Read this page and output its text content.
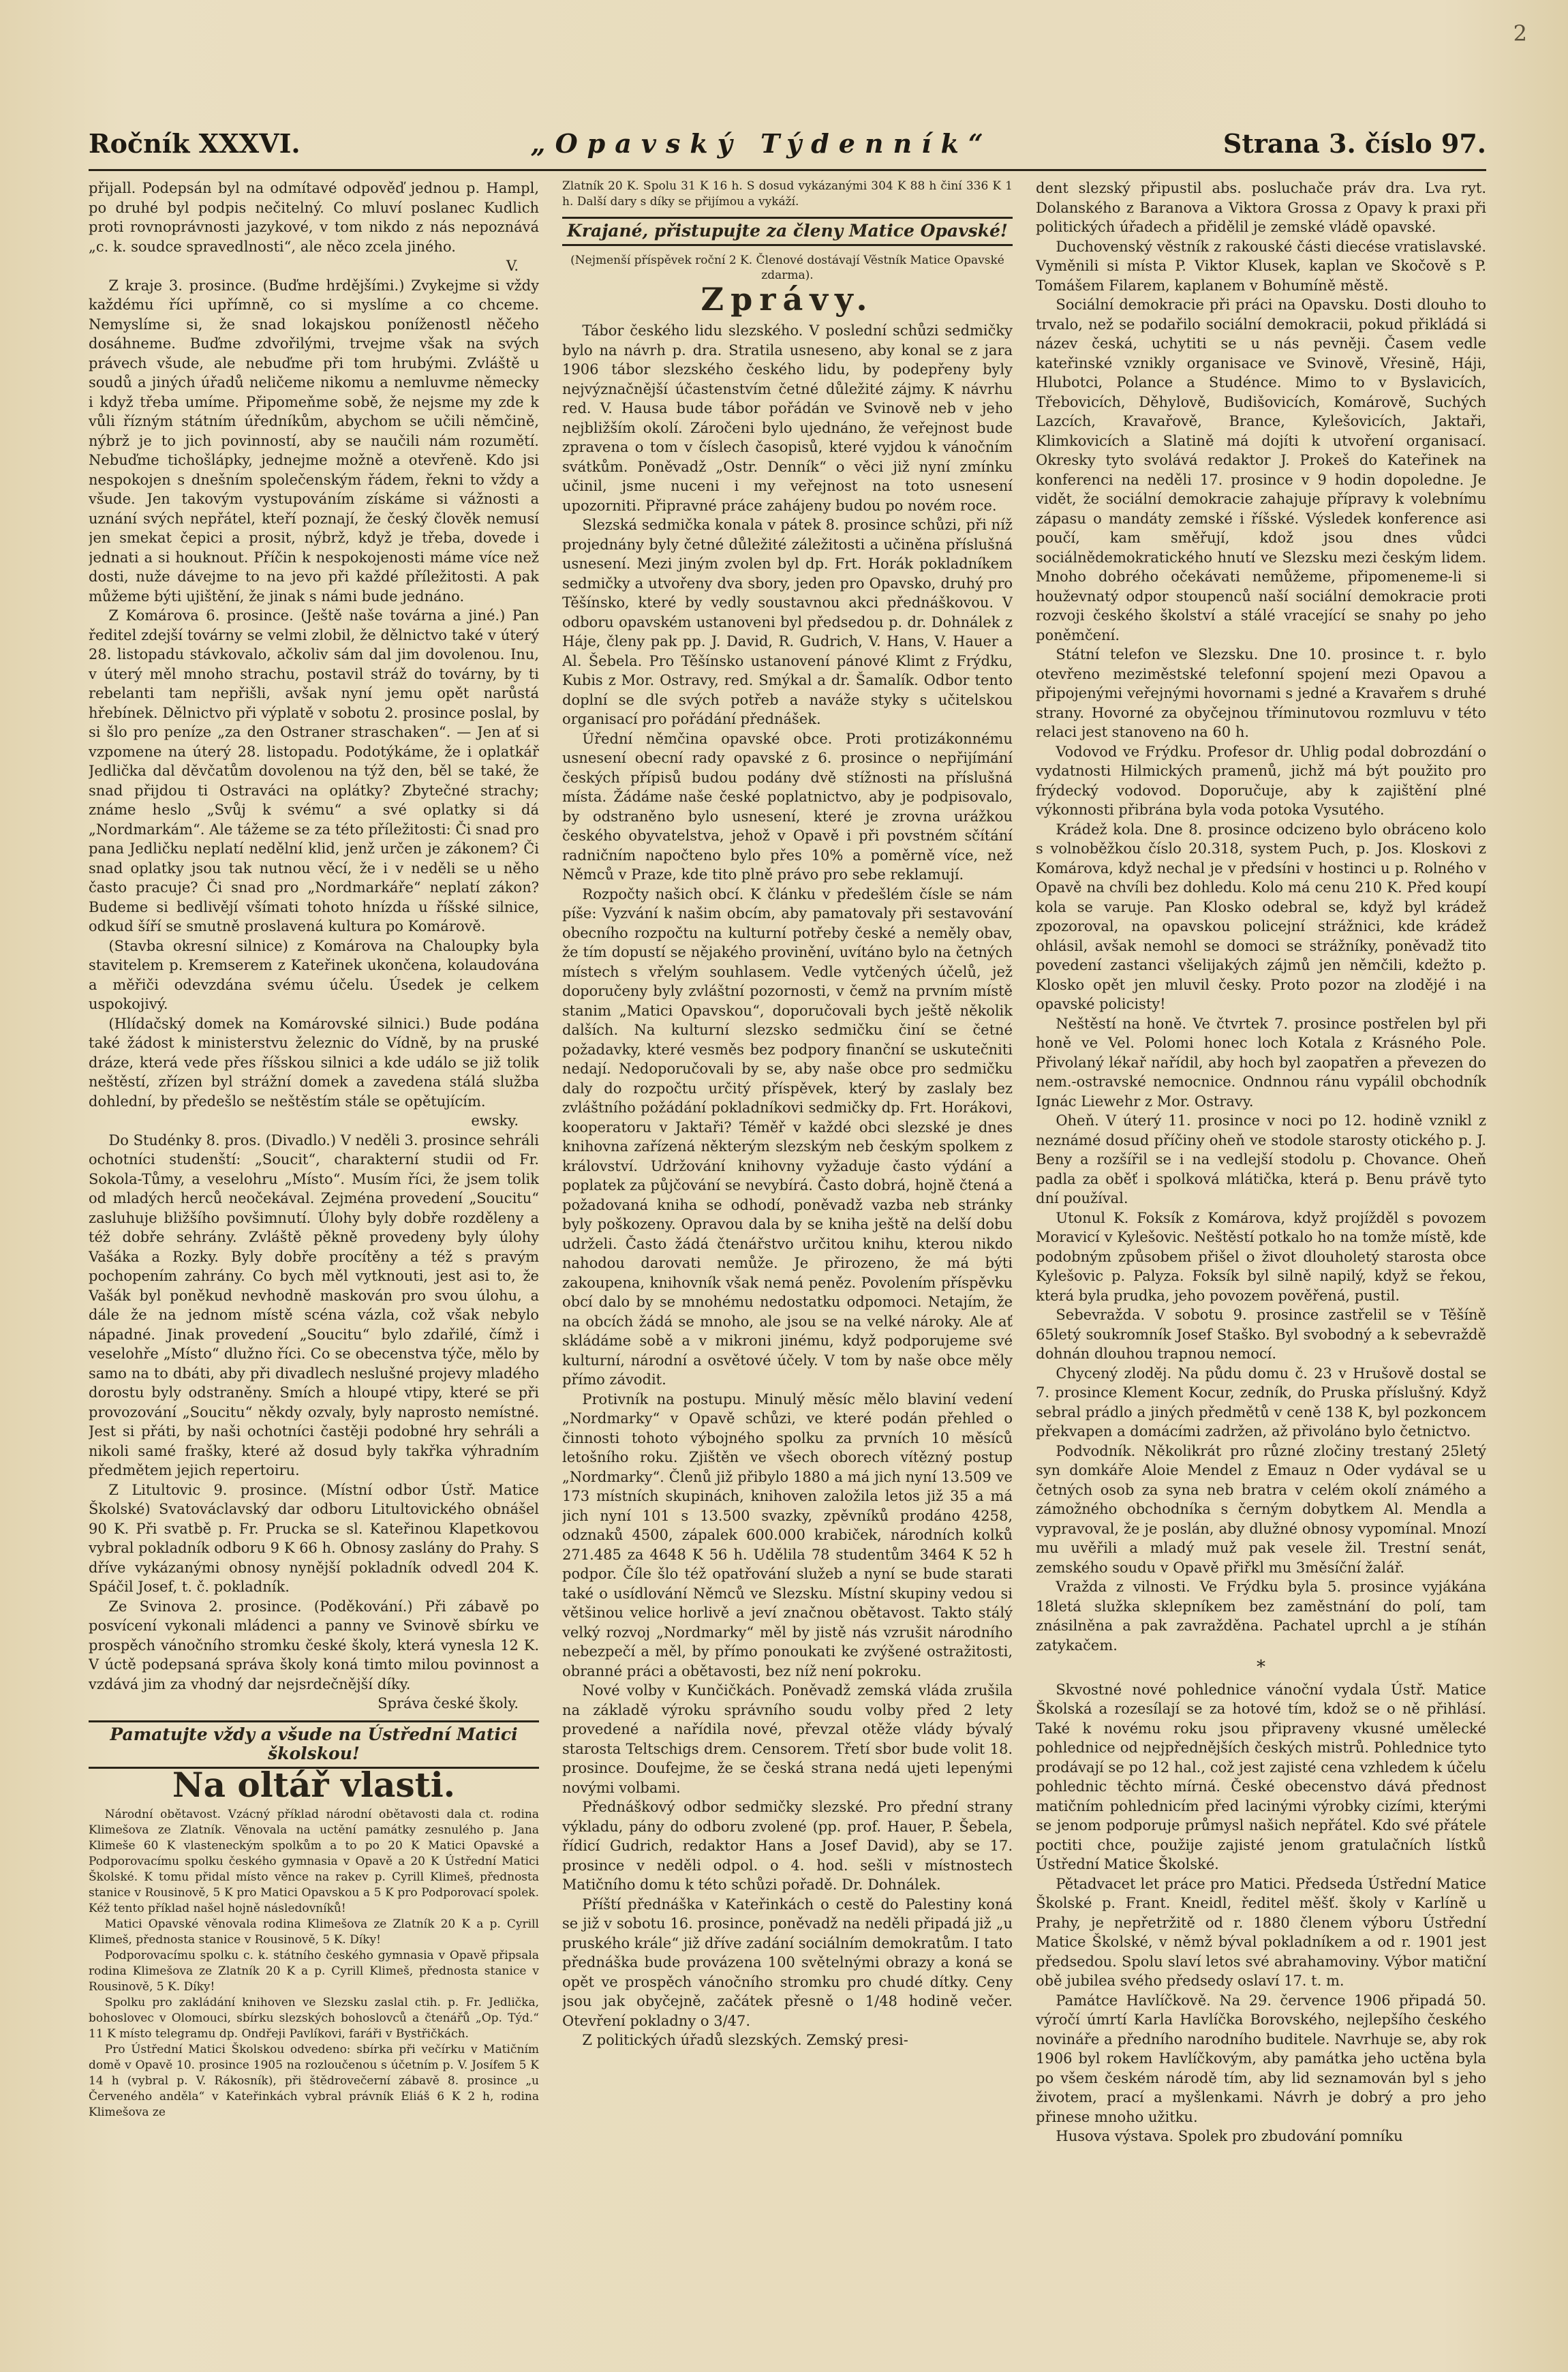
2
Ročník XXXVI.	„Opavský Týdenník“	Strana 3. číslo 97.

přijall. Podepsán byl na odmítavé odpověď jednou p. Hampl, po druhé byl podpis nečitelný. Co mluví poslanec Kudlich proti rovnoprávnosti jazykové, v tom nikdo z nás nepoznává „c. k. soudce spravedlnosti“, ale něco zcela jiného.

V.

Z kraje 3. prosince. (Buďme hrdějšími.) Zvykejme si vždy každému říci upřímně, co si myslíme a co chceme. Nemyslíme si, že snad lokajskou poníženostl něčeho dosáhneme. Buďme zdvořilými, trvejme však na svých právech všude, ale nebuďme při tom hrubými. Zvláště u soudů a jiných úřadů neličeme nikomu a nemluvme německy i když třeba umíme. Připomeňme sobě, že nejsme my zde k vůli řízným státním úředníkům, abychom se učili němčině, nýbrž je to jich povinností, aby se naučili nám rozumětí. Nebuďme tichošlápky, jednejme možně a otevřeně. Kdo jsi nespokojen s dnešním společenským řádem, řekni to vždy a všude. Jen takovým vystupováním získáme si vážnosti a uznání svých nepřátel, kteří poznají, že český člověk nemusí jen smekat čepici a prosit, nýbrž, když je třeba, dovede i jednati a si houknout. Příčin k nespokojenosti máme více než dosti, nuže dávejme to na jevo při každé příležitosti. A pak můžeme býti ujištění, že jinak s námi bude jednáno.

Z Komárova 6. prosince. (Ještě naše továrna a jiné.) Pan ředitel zdejší továrny se velmi zlobil, že dělnictvo také v úterý 28. listopadu stávkovalo, ačkoliv sám dal jim dovolenou. Inu, v úterý měl mnoho strachu, postavil stráž do továrny, by ti rebelanti tam nepřišli, avšak nyní jemu opět narůstá hřebínek. Dělnictvo při výplatě v sobotu 2. prosince poslal, by si šlo pro peníze „za den Ostraner straschaken“. — Jen ať si vzpomene na úterý 28. listopadu. Podotýkáme, že i oplatkář Jedlička dal děvčatům dovolenou na týž den, běl se také, že snad přijdou ti Ostraváci na oplátky? Zbytečné strachy; známe heslo „Svůj k svému“ a své oplatky si dá „Nordmarkám“. Ale tážeme se za této příležitosti: Či snad pro pana Jedličku neplatí nedělní klid, jenž určen je zákonem? Či snad oplatky jsou tak nutnou věcí, že i v neděli se u něho často pracuje? Či snad pro „Nordmarkáře“ neplatí zákon? Budeme si bedlivějí všímati tohoto hnízda u říšské silnice, odkud šíří se smutně proslavená kultura po Komárově.

(Stavba okresní silnice) z Komárova na Chaloupky byla stavitelem p. Kremserem z Kateřinek ukončena, kolaudována a měřiči odevzdána svému účelu. Úsedek je celkem uspokojivý.

(Hlídačský domek na Komárovské silnici.) Bude podána také žádost k ministerstvu železnic do Vídně, by na pruské dráze, která vede přes říšskou silnici a kde událo se již tolik neštěstí, zřízen byl strážní domek a zavedena stálá služba dohlední, by předešlo se neštěstím stále se opětujícím.

ewsky.

Do Studénky 8. pros. (Divadlo.) V neděli 3. prosince sehráli ochotníci studenští: „Soucit“, charakterní studii od Fr. Sokola-Tůmy, a veselohru „Místo“. Musím říci, že jsem tolik od mladých herců neočekával. Zejména provedení „Soucitu“ zasluhuje bližšího povšimnutí. Úlohy byly dobře rozděleny a též dobře sehrány. Zvláště pěkně provedeny byly úlohy Vašáka a Rozky. Byly dobře procítěny a též s pravým pochopením zahrány. Co bych měl vytknouti, jest asi to, že Vašák byl poněkud nevhodně maskován pro svou úlohu, a dále že na jednom místě scéna vázla, což však nebylo nápadné. Jinak provedení „Soucitu“ bylo zdařilé, čímž i veselohře „Místo“ dlužno říci. Co se obecenstva týče, mělo by samo na to dbáti, aby při divadlech neslušné projevy mladého dorostu byly odstraněny. Smích a hloupé vtipy, které se při provozování „Soucitu“ někdy ozvaly, byly naprosto nemístné. Jest si přáti, by naši ochotníci častěji podobné hry sehráli a nikoli samé frašky, které až dosud byly takřka výhradním předmětem jejich repertoiru.

Z Litultovic 9. prosince. (Místní odbor Ústř. Matice Školské) Svatováclavský dar odboru Litultovického obnášel 90 K. Při svatbě p. Fr. Prucka se sl. Kateřinou Klapetkovou vybral pokladník odboru 9 K 66 h. Obnosy zaslány do Prahy. S dříve vykázanými obnosy nynější pokladník odvedl 204 K. Spáčil Josef, t. č. pokladník.

Ze Svinova 2. prosince. (Poděkování.) Při zábavě po posvícení vykonali mládenci a panny ve Svinově sbírku ve prospěch vánočního stromku české školy, která vynesla 12 K. V úctě podepsaná správa školy koná timto milou povinnost a vzdává jim za vhodný dar nejsrdečnější díky.

Správa české školy.
Pamatujte vždy a všude na Ústřední Matici školskou!
Na oltář vlasti.

Národní obětavost. Vzácný příklad národní obětavosti dala ct. rodina Klimešova ze Zlatník. Věnovala na uctění památky zesnulého p. Jana Klimeše 60 K vlasteneckým spolkům a to po 20 K Matici Opavské a Podporovacímu spolku českého gymnasia v Opavě a 20 K Ústřední Matici Školské. K tomu přidal místo věnce na rakev p. Cyrill Klimeš, přednosta stanice v Rousinově, 5 K pro Matici Opavskou a 5 K pro Podporovací spolek. Kéž tento příklad našel hojně následovníků!

Matici Opavské věnovala rodina Klimešova ze Zlatník 20 K a p. Cyrill Klimeš, přednosta stanice v Rousinově, 5 K. Díky!

Podporovacímu spolku c. k. státního českého gymnasia v Opavě připsala rodina Klimešova ze Zlatník 20 K a p. Cyrill Klimeš, přednosta stanice v Rousinově, 5 K. Díky!

Spolku pro zakládání knihoven ve Slezsku zaslal ctih. p. Fr. Jedlička, bohoslovec v Olomouci, sbírku slezských bohoslovců a čtenářů „Op. Týd.“ 11 K místo telegramu dp. Ondřeji Pavlíkovi, faráři v Bystřičkách.

Pro Ústřední Matici Školskou odvedeno: sbírka při večírku v Matičním domě v Opavě 10. prosince 1905 na rozloučenou s účetním p. V. Josífem 5 K 14 h (vybral p. V. Rákosník), při štědrovečerní zábavě 8. prosince „u Červeného anděla“ v Kateřinkách vybral právník Eliáš 6 K 2 h, rodina Klimešova ze

Zlatník 20 K. Spolu 31 K 16 h. S dosud vykázanými 304 K 88 h činí 336 K 1 h. Další dary s díky se přijímou a vykáží.

Krajané, přistupujte za členy Matice Opavské!
(Nejmenší příspěvek roční 2 K. Členové dostávají Věstník Matice Opavské zdarma).
Zprávy.

Tábor českého lidu slezského. V poslední schůzi sedmičky bylo na návrh p. dra. Stratila usneseno, aby konal se z jara 1906 tábor slezského českého lidu, by podepřeny byly nejvýznačnější účastenstvím četné důležité zájmy. K návrhu red. V. Hausa bude tábor pořádán ve Svinově neb v jeho nejbližším okolí. Záročeni bylo ujednáno, že veřejnost bude zpravena o tom v číslech časopisů, které vyjdou k vánočním svátkům. Poněvadž „Ostr. Denník“ o věci již nyní zmínku učinil, jsme nuceni i my veřejnost na toto usnesení upozorniti. Připravné práce zahájeny budou po novém roce.

Slezská sedmička konala v pátek 8. prosince schůzi, při níž projednány byly četné důležité záležitosti a učiněna příslušná usnesení. Mezi jiným zvolen byl dp. Frt. Horák pokladníkem sedmičky a utvořeny dva sbory, jeden pro Opavsko, druhý pro Těšínsko, které by vedly soustavnou akci přednáškovou. V odboru opavském ustanoveni byl předsedou p. dr. Dohnálek z Háje, členy pak pp. J. David, R. Gudrich, V. Hans, V. Hauer a Al. Šebela. Pro Těšínsko ustanovení pánové Klimt z Frýdku, Kubis z Mor. Ostravy, red. Smýkal a dr. Šamalík. Odbor tento doplní se dle svých potřeb a naváže styky s učitelskou organisací pro pořádání přednášek.

Úřední němčina opavské obce. Proti protizákonnému usnesení obecní rady opavské z 6. prosince o nepřijímání českých přípisů budou podány dvě stížnosti na příslušná místa. Žádáme naše české poplatnictvo, aby je podpisovalo, by odstraněno bylo usnesení, které je zrovna urážkou českého obyvatelstva, jehož v Opavě i při povstném sčítání radničním napočteno bylo přes 10% a poměrně více, než Němců v Praze, kde tito plně právo pro sebe reklamují.

Rozpočty našich obcí. K článku v předešlém čísle se nám píše: Vyzvání k našim obcím, aby pamatovaly při sestavování obecního rozpočtu na kulturní potřeby české a neměly obav, že tím dopustí se nějakého provinění, uvítáno bylo na četných místech s vřelým souhlasem. Vedle vytčených účelů, jež doporučeny byly zvláštní pozornosti, v čemž na prvním místě stanim „Matici Opavskou“, doporučovali bych ještě několik dalších. Na kulturní slezsko sedmičku činí se četné požadavky, které vesměs bez podpory finanční se uskutečniti nedají. Nedoporučovali by se, aby naše obce pro sedmičku daly do rozpočtu určitý příspěvek, který by zaslaly bez zvláštního požádání pokladníkovi sedmičky dp. Frt. Horákovi, kooperatoru v Jaktaři? Téměř v každé obci slezské je dnes knihovna zařízená některým slezským neb českým spolkem z království. Udržování knihovny vyžaduje často výdání a poplatek za půjčování se nevybírá. Často dobrá, hojně čtená a požadovaná kniha se odhodí, poněvadž vazba neb stránky byly poškozeny. Opravou dala by se kniha ještě na delší dobu udrželi. Často žádá čtenářstvo určitou knihu, kterou nikdo nahodou darovati nemůže. Je přirozeno, že má býti zakoupena, knihovník však nemá peněz. Povolením příspěvku obcí dalo by se mnohému nedostatku odpomoci. Netajím, že na obcích žádá se mnoho, ale jsou se na velké nároky. Ale ať skládáme sobě a v mikroni jinému, když podporujeme své kulturní, národní a osvětové účely. V tom by naše obce měly přímo závodit.

Protivník na postupu. Minulý měsíc mělo blaviní vedení „Nordmarky“ v Opavě schůzi, ve které podán přehled o činnosti tohoto výbojného spolku za prvních 10 měsíců letošního roku. Zjištěn ve všech oborech vítězný postup „Nordmarky“. Členů již přibylo 1880 a má jich nyní 13.509 ve 173 místních skupinách, knihoven založila letos již 35 a má jich nyní 101 s 13.500 svazky, zpěvníků prodáno 4258, odznaků 4500, zápalek 600.000 krabiček, národních kolků 271.485 za 4648 K 56 h. Udělila 78 studentům 3464 K 52 h podpor. Číle šlo též opatřování služeb a nyní se bude starati také o usídlování Němců ve Slezsku. Místní skupiny vedou si většinou velice horlivě a jeví značnou obětavost. Takto stálý velký rozvoj „Nordmarky“ měl by jistě nás vzrušit národního nebezpečí a měl, by přímo ponoukati ke zvýšené ostražitosti, obranné práci a obětavosti, bez níž není pokroku.

Nové volby v Kunčičkách. Poněvadž zemská vláda zrušila na základě výroku správního soudu volby před 2 lety provedené a nařídila nové, převzal otěže vlády bývalý starosta Teltschigs drem. Censorem. Třetí sbor bude volit 18. prosince. Doufejme, že se česká strana nedá ujeti lepenými novými volbami.

Přednáškový odbor sedmičky slezské. Pro přední strany výkladu, pány do odboru zvolené (pp. prof. Hauer, P. Šebela, řídicí Gudrich, redaktor Hans a Josef David), aby se 17. prosince v neděli odpol. o 4. hod. sešli v místnostech Matičního domu k této schůzi pořadě. Dr. Dohnálek.

Příští přednáška v Kateřinkách o cestě do Palestiny koná se již v sobotu 16. prosince, poněvadž na neděli připadá již „u pruského krále“ již dříve zadání sociálním demokratům. I tato přednáška bude provázena 100 světelnými obrazy a koná se opět ve prospěch vánočního stromku pro chudé dítky. Ceny jsou jak obyčejně, začátek přesně o 1/48 hodině večer. Otevření pokladny o 3/47.

Z politických úřadů slezských. Zemský presi-

dent slezský připustil abs. posluchače práv dra. Lva ryt. Dolanského z Baranova a Viktora Grossa z Opavy k praxi při politických úřadech a přidělil je zemské vládě opavské.

Duchovenský věstník z rakouské části diecése vratislavské. Vyměnili si místa P. Viktor Klusek, kaplan ve Skočově s P. Tomášem Filarem, kaplanem v Bohumíně městě.

Sociální demokracie při práci na Opavsku. Dosti dlouho to trvalo, než se podařilo sociální demokracii, pokud přikládá si název česká, uchytiti se u nás pevněji. Časem vedle kateřinské vznikly organisace ve Svinově, Vřesině, Háji, Hlubotci, Polance a Studénce. Mimo to v Byslavicích, Třebovicích, Děhylově, Budišovicích, Komárově, Suchých Lazcích, Kravařově, Brance, Kylešovicích, Jaktaři, Klimkovicích a Slatině má dojíti k utvoření organisací. Okresky tyto svolává redaktor J. Prokeš do Kateřinek na konferenci na neděli 17. prosince v 9 hodin dopoledne. Je vidět, že sociální demokracie zahajuje přípravy k volebnímu zápasu o mandáty zemské i říšské. Výsledek konference asi poučí, kam směřují, kdož jsou dnes vůdci sociálnědemokratického hnutí ve Slezsku mezi českým lidem. Mnoho dobrého očekávati nemůžeme, připomeneme-li si houževnatý odpor stoupenců naší sociální demokracie proti rozvoji českého školství a stálé vracející se snahy po jeho poněmčení.

Státní telefon ve Slezsku. Dne 10. prosince t. r. bylo otevřeno meziměstské telefonní spojení mezi Opavou a připojenými veřejnými hovornami s jedné a Kravařem s druhé strany. Hovorné za obyčejnou tříminutovou rozmluvu v této relaci jest stanoveno na 60 h.

Vodovod ve Frýdku. Profesor dr. Uhlig podal dobrozdání o vydatnosti Hilmických pramenů, jichž má být použito pro frýdecký vodovod. Doporučuje, aby k zajištění plné výkonnosti přibrána byla voda potoka Vysutého.

Krádež kola. Dne 8. prosince odcizeno bylo obráceno kolo s volnoběžkou číslo 20.318, system Puch, p. Jos. Kloskovi z Komárova, když nechal je v předsíni v hostinci u p. Rolného v Opavě na chvíli bez dohledu. Kolo má cenu 210 K. Před koupí kola se varuje. Pan Klosko odebral se, když byl krádež zpozoroval, na opavskou policejní strážnici, kde krádež ohlásil, avšak nemohl se domoci se strážníky, poněvadž tito povedení zastanci všelijakých zájmů jen němčili, kdežto p. Klosko opět jen mluvil česky. Proto pozor na zlodějé i na opavské policisty!

Neštěstí na honě. Ve čtvrtek 7. prosince postřelen byl při honě ve Vel. Polomi honec loch Kotala z Krásného Pole. Přivolaný lékař nařídil, aby hoch byl zaopatřen a převezen do nem.-ostravské nemocnice. Ondnnou ránu vypálil obchodník Ignác Liewehr z Mor. Ostravy.

Oheň. V úterý 11. prosince v noci po 12. hodině vznikl z neznámé dosud příčiny oheň ve stodole starosty otického p. J. Beny a rozšířil se i na vedlejší stodolu p. Chovance. Oheň padla za oběť i spolková mlátička, která p. Benu právě tyto dní používal.

Utonul K. Foksík z Komárova, když projížděl s povozem Moravicí v Kylešovic. Neštěstí potkalo ho na tomže místě, kde podobným způsobem přišel o život dlouholetý starosta obce Kylešovic p. Palyza. Foksík byl silně napilý, když se řekou, která byla prudka, jeho povozem pověřená, pustil.

Sebevražda. V sobotu 9. prosince zastřelil se v Těšíně 65letý soukromník Josef Staško. Byl svobodný a k sebevraždě dohnán dlouhou trapnou nemocí.

Chycený zloděj. Na půdu domu č. 23 v Hrušově dostal se 7. prosince Klement Kocur, zedník, do Pruska příslušný. Když sebral prádlo a jiných předmětů v ceně 138 K, byl pozkoncem překvapen a domácími zadržen, až přivoláno bylo četnictvo.

Podvodník. Několikrát pro různé zločiny trestaný 25letý syn domkáře Aloie Mendel z Emauz n Oder vydával se u četných osob za syna neb bratra v celém okolí známého a zámožného obchodníka s černým dobytkem Al. Mendla a vypravoval, že je poslán, aby dlužné obnosy vypomínal. Mnozí mu uvěřili a mladý muž pak vesele žil. Trestní senát, zemského soudu v Opavě přiřkl mu 3měsíční žalář.

Vražda z vilnosti. Ve Frýdku byla 5. prosince vyjákána 18letá služka sklepníkem bez zaměstnání do polí, tam znásilněna a pak zavražděna. Pachatel uprchl a je stíhán zatykačem.

*

Skvostné nové pohlednice vánoční vydala Ústř. Matice Školská a rozesílají se za hotové tím, kdož se o ně přihlásí. Také k novému roku jsou připraveny vkusné umělecké pohlednice od nejpřednějších českých mistrů. Pohlednice tyto prodávají se po 12 hal., což jest zajisté cena vzhledem k účelu pohlednic těchto mírná. České obecenstvo dává přednost matičním pohlednicím před lacinými výrobky cizími, kterými se jenom podporuje průmysl našich nepřátel. Kdo své přátele poctiti chce, použije zajisté jenom gratulačních lístků Ústřední Matice Školské.

Pětadvacet let práce pro Matici. Předseda Ústřední Matice Školské p. Frant. Kneidl, ředitel měšť. školy v Karlíně u Prahy, je nepřetržitě od r. 1880 členem výboru Ústřední Matice Školské, v němž býval pokladníkem a od r. 1901 jest předsedou. Spolu slaví letos své abrahamoviny. Výbor matiční obě jubilea svého předsedy oslaví 17. t. m.

Památce Havlíčkově. Na 29. července 1906 připadá 50. výročí úmrtí Karla Havlíčka Borovského, nejlepšího českého novináře a předního narodního buditele. Navrhuje se, aby rok 1906 byl rokem Havlíčkovým, aby památka jeho uctěna byla po všem českém národě tím, aby lid seznamován byl s jeho životem, prací a myšlenkami. Návrh je dobrý a pro jeho přinese mnoho užitku.

Husova výstava. Spolek pro zbudování pomníku
